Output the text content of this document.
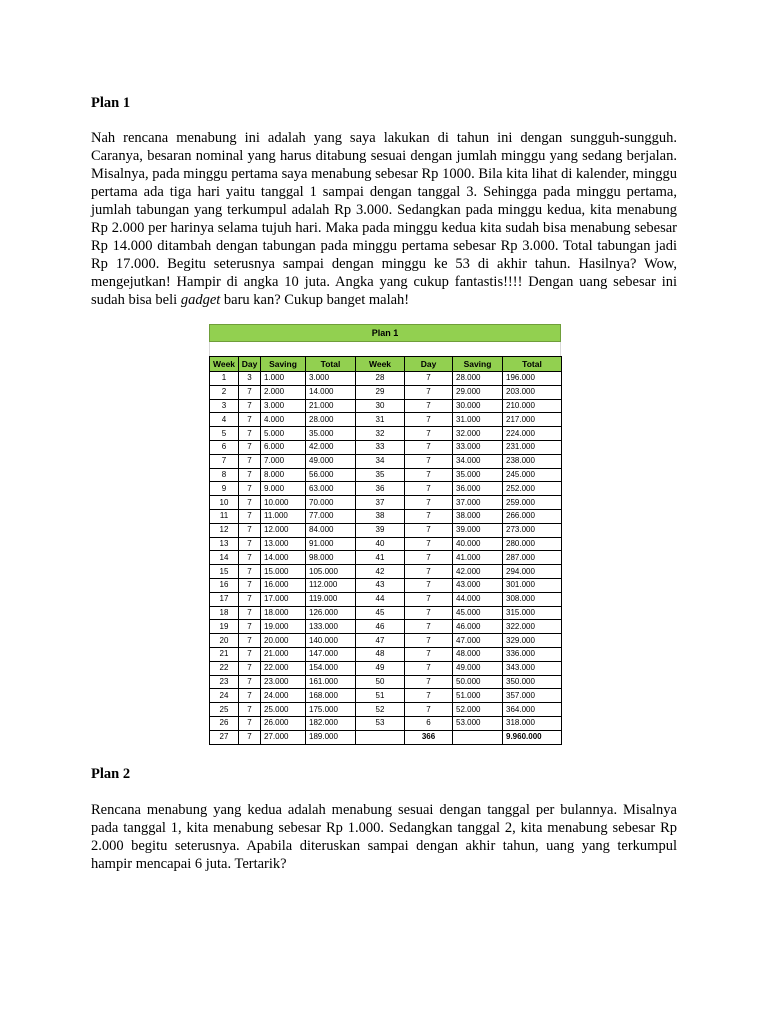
Plan 1
Nah rencana menabung ini adalah yang saya lakukan di tahun ini dengan sungguh-sungguh. Caranya, besaran nominal yang harus ditabung sesuai dengan jumlah minggu yang sedang berjalan. Misalnya, pada minggu pertama saya menabung sebesar Rp 1000. Bila kita lihat di kalender, minggu pertama ada tiga hari yaitu tanggal 1 sampai dengan tanggal 3. Sehingga pada minggu pertama, jumlah tabungan yang terkumpul adalah Rp 3.000. Sedangkan pada minggu kedua, kita menabung Rp 2.000 per harinya selama tujuh hari. Maka pada minggu kedua kita sudah bisa menabung sebesar Rp 14.000 ditambah dengan tabungan pada minggu pertama sebesar Rp 3.000. Total tabungan jadi Rp 17.000. Begitu seterusnya sampai dengan minggu ke 53 di akhir tahun. Hasilnya? Wow, mengejutkan! Hampir di angka 10 juta. Angka yang cukup fantastis!!!! Dengan uang sebesar ini sudah bisa beli gadget baru kan? Cukup banget malah!
Plan 2
Rencana menabung yang kedua adalah menabung sesuai dengan tanggal per bulannya. Misalnya pada tanggal 1, kita menabung sebesar Rp 1.000. Sedangkan tanggal 2, kita menabung sebesar Rp 2.000 begitu seterusnya. Apabila diteruskan sampai dengan akhir tahun, uang yang terkumpul hampir mencapai 6 juta. Tertarik?
Plan 1
Week	Day	Saving	Total	Week	Day	Saving	Total
1	3	1.000	3.000	28	7	28.000	196.000
2	7	2.000	14.000	29	7	29.000	203.000
3	7	3.000	21.000	30	7	30.000	210.000
4	7	4.000	28.000	31	7	31.000	217.000
5	7	5.000	35.000	32	7	32.000	224.000
6	7	6.000	42.000	33	7	33.000	231.000
7	7	7.000	49.000	34	7	34.000	238.000
8	7	8.000	56.000	35	7	35.000	245.000
9	7	9.000	63.000	36	7	36.000	252.000
10	7	10.000	70.000	37	7	37.000	259.000
11	7	11.000	77.000	38	7	38.000	266.000
12	7	12.000	84.000	39	7	39.000	273.000
13	7	13.000	91.000	40	7	40.000	280.000
14	7	14.000	98.000	41	7	41.000	287.000
15	7	15.000	105.000	42	7	42.000	294.000
16	7	16.000	112.000	43	7	43.000	301.000
17	7	17.000	119.000	44	7	44.000	308.000
18	7	18.000	126.000	45	7	45.000	315.000
19	7	19.000	133.000	46	7	46.000	322.000
20	7	20.000	140.000	47	7	47.000	329.000
21	7	21.000	147.000	48	7	48.000	336.000
22	7	22.000	154.000	49	7	49.000	343.000
23	7	23.000	161.000	50	7	50.000	350.000
24	7	24.000	168.000	51	7	51.000	357.000
25	7	25.000	175.000	52	7	52.000	364.000
26	7	26.000	182.000	53	6	53.000	318.000
27	7	27.000	189.000		366		9.960.000
